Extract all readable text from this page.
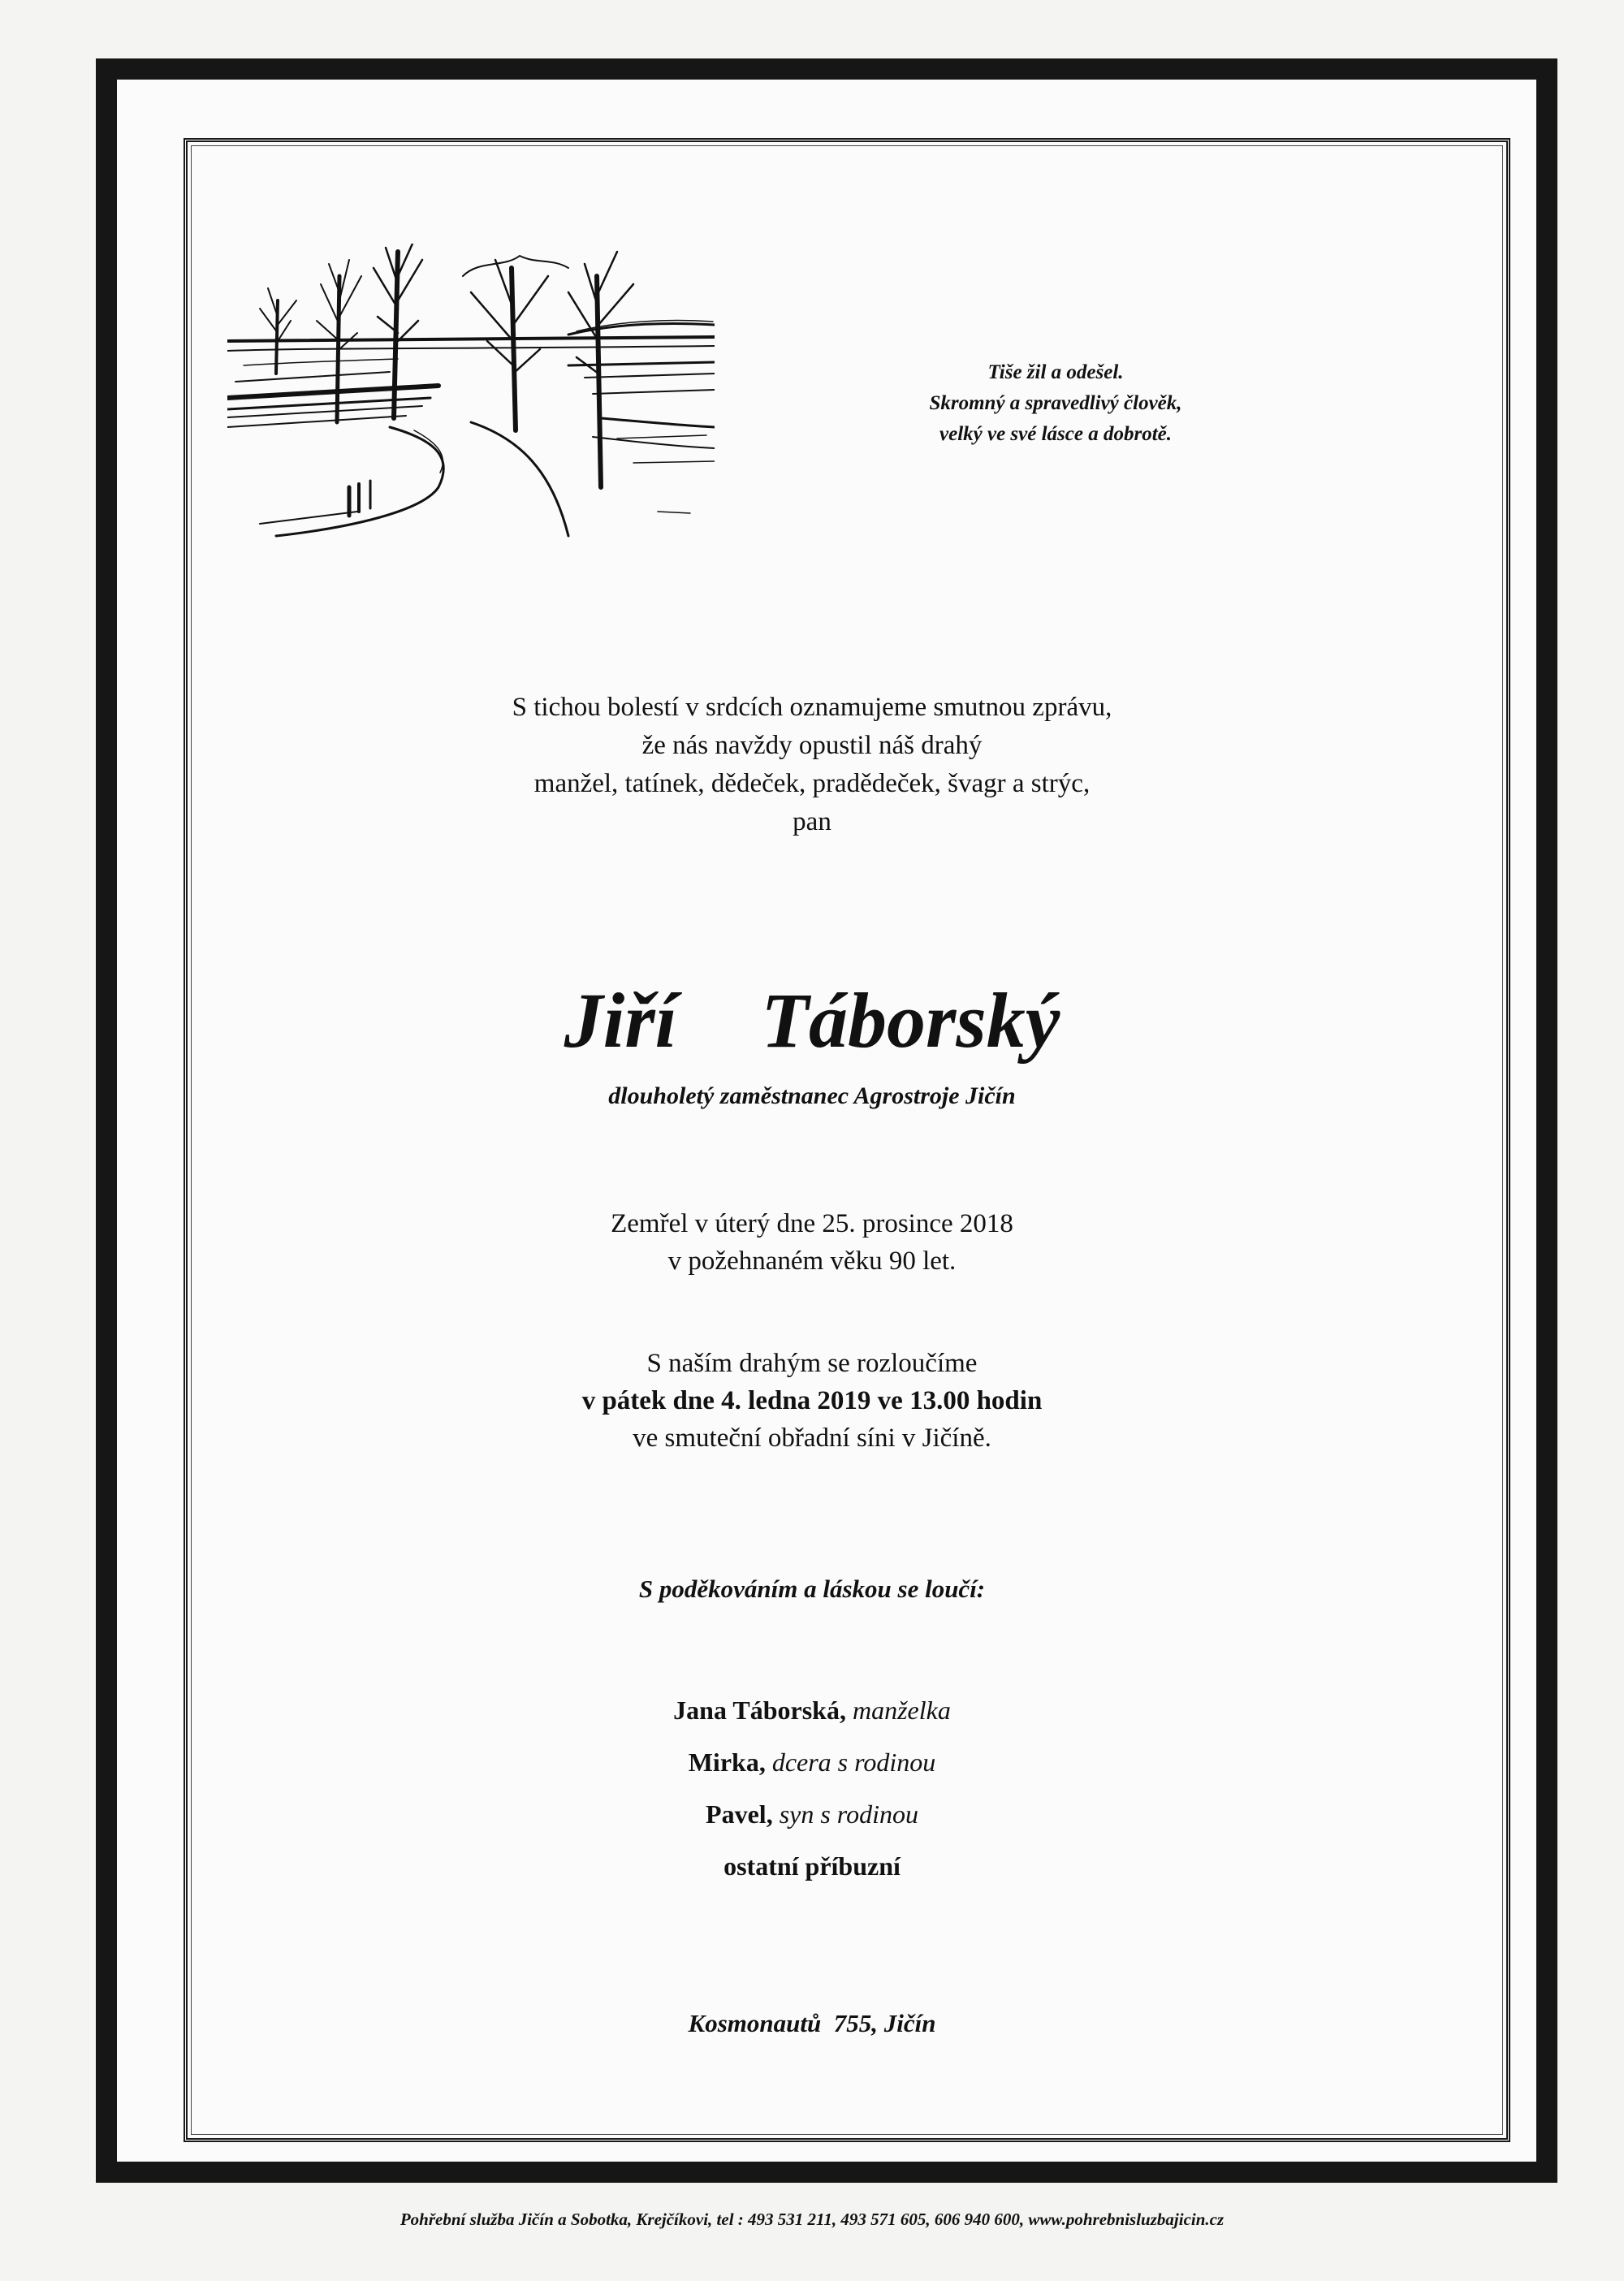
Tiše žil a odešel.
Skromný a spravedlivý člověk,
velký ve své lásce a dobrotě.
S tichou bolestí v srdcích oznamujeme smutnou zprávu,
že nás navždy opustil náš drahý
manžel, tatínek, dědeček, pradědeček, švagr a strýc,
pan
Jiří  Táborský
dlouholetý zaměstnanec Agrostroje Jičín
Zemřel v úterý dne 25. prosince 2018
v požehnaném věku 90 let.
S naším drahým se rozloučíme
v pátek dne 4. ledna 2019 ve 13.00 hodin
ve smuteční obřadní síni v Jičíně.
S poděkováním a láskou se loučí:
Jana Táborská, manželka
Mirka, dcera s rodinou
Pavel, syn s rodinou
ostatní příbuzní
Kosmonautů  755, Jičín
Pohřební služba Jičín a Sobotka, Krejčíkovi, tel : 493 531 211, 493 571 605, 606 940 600, www.pohrebnisluzbajicin.cz
